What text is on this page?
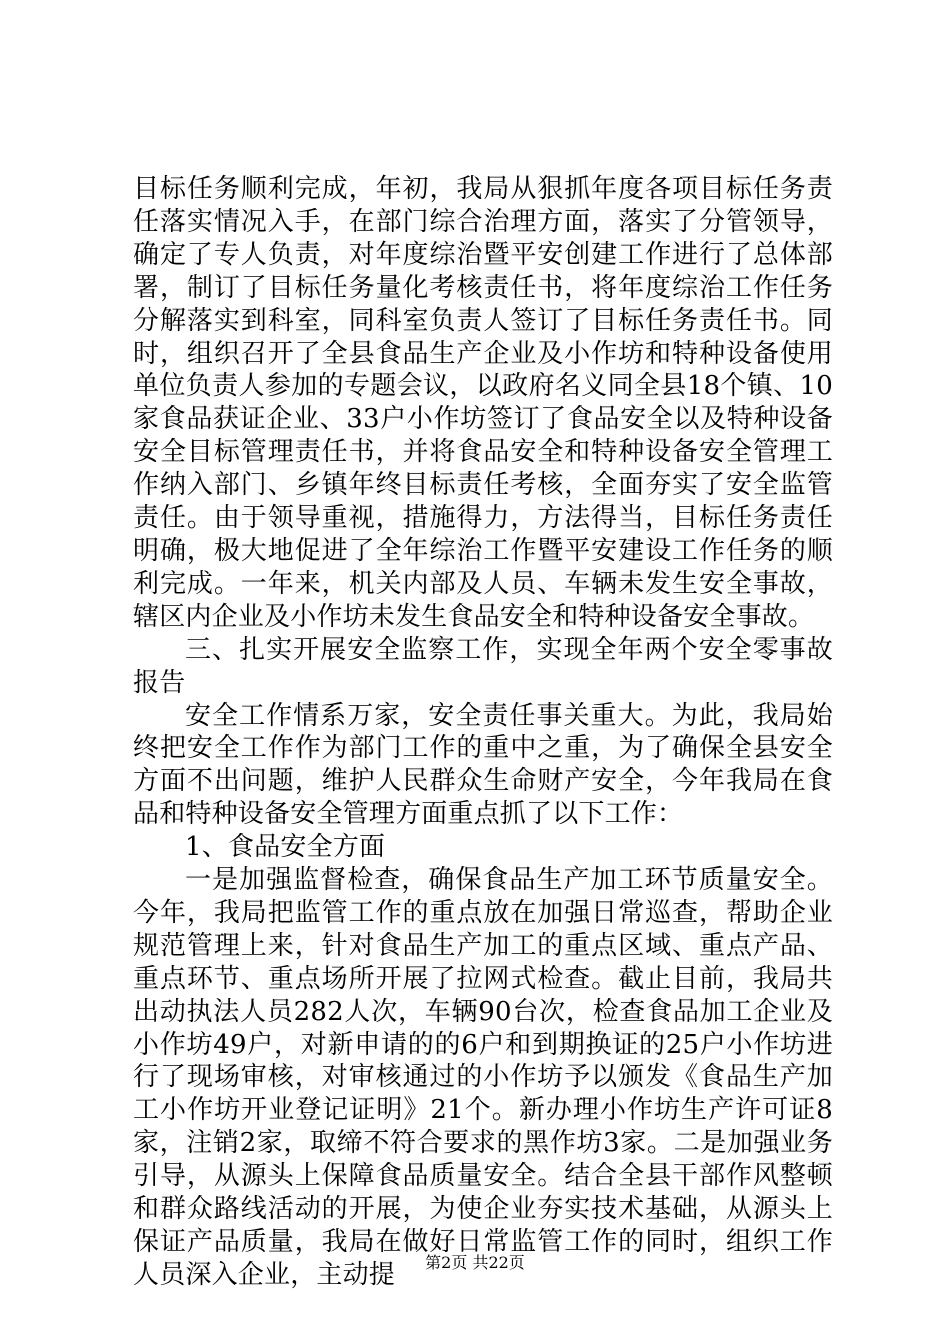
目标任务顺利完成，年初，我局从狠抓年度各项目标任务责任落实情况入手，在部门综合治理方面，落实了分管领导，确定了专人负责，对年度综治暨平安创建工作进行了总体部署，制订了目标任务量化考核责任书，将年度综治工作任务分解落实到科室，同科室负责人签订了目标任务责任书。同时，组织召开了全县食品生产企业及小作坊和特种设备使用单位负责人参加的专题会议，以政府名义同全县18个镇、10家食品获证企业、33户小作坊签订了食品安全以及特种设备安全目标管理责任书，并将食品安全和特种设备安全管理工作纳入部门、乡镇年终目标责任考核，全面夯实了安全监管责任。由于领导重视，措施得力，方法得当，目标任务责任明确，极大地促进了全年综治工作暨平安建设工作任务的顺利完成。一年来，机关内部及人员、车辆未发生安全事故，辖区内企业及小作坊未发生食品安全和特种设备安全事故。

三、扎实开展安全监察工作，实现全年两个安全零事故报告

安全工作情系万家，安全责任事关重大。为此，我局始终把安全工作作为部门工作的重中之重，为了确保全县安全方面不出问题，维护人民群众生命财产安全，今年我局在食品和特种设备安全管理方面重点抓了以下工作：

1、食品安全方面

一是加强监督检查，确保食品生产加工环节质量安全。今年，我局把监管工作的重点放在加强日常巡查，帮助企业规范管理上来，针对食品生产加工的重点区域、重点产品、重点环节、重点场所开展了拉网式检查。截止目前，我局共出动执法人员282人次，车辆90台次，检查食品加工企业及小作坊49户，对新申请的的6户和到期换证的25户小作坊进行了现场审核，对审核通过的小作坊予以颁发《食品生产加工小作坊开业登记证明》21个。新办理小作坊生产许可证8家，注销2家，取缔不符合要求的黑作坊3家。二是加强业务引导，从源头上保障食品质量安全。结合全县干部作风整顿和群众路线活动的开展，为使企业夯实技术基础，从源头上保证产品质量，我局在做好日常监管工作的同时，组织工作人员深入企业，主动提	第2页 共22页
